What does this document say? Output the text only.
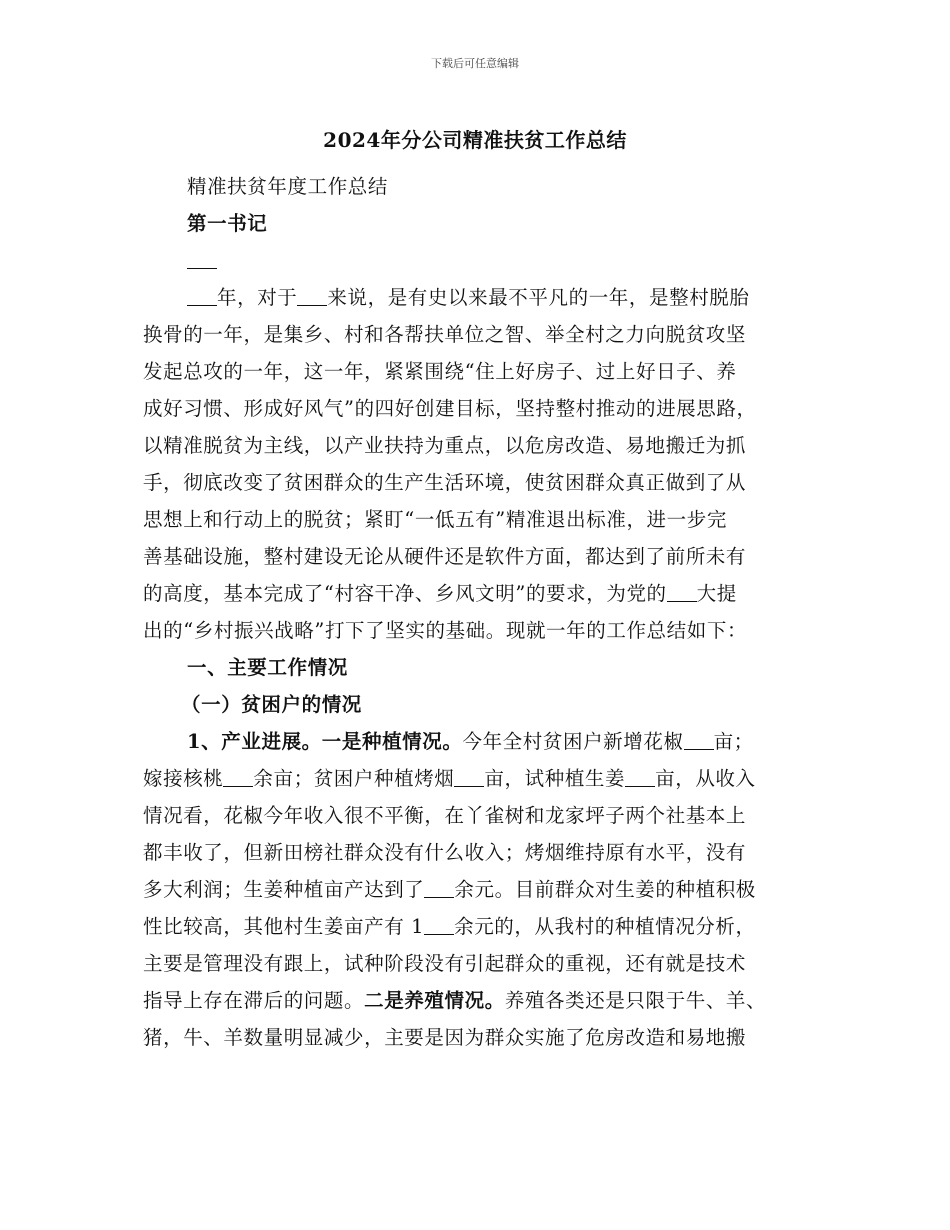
下载后可任意编辑
2024年分公司精准扶贫工作总结
精准扶贫年度工作总结
第一书记
年，对于 来说，是有史以来最不平凡的一年，是整村脱胎
换骨的一年，是集乡、村和各帮扶单位之智、举全村之力向脱贫攻坚
发起总攻的一年，这一年，紧紧围绕“住上好房子、过上好日子、养
成好习惯、形成好风气”的四好创建目标，坚持整村推动的进展思路，
以精准脱贫为主线，以产业扶持为重点，以危房改造、易地搬迁为抓
手，彻底改变了贫困群众的生产生活环境，使贫困群众真正做到了从
思想上和行动上的脱贫；紧盯“一低五有”精准退出标准，进一步完
善基础设施，整村建设无论从硬件还是软件方面，都达到了前所未有
的高度，基本完成了“村容干净、乡风文明”的要求，为党的 大提
出的“乡村振兴战略”打下了坚实的基础。现就一年的工作总结如下：
一、主要工作情况
（一）贫困户的情况
1、产业进展。一是种植情况。今年全村贫困户新增花椒 亩；
嫁接核桃 余亩；贫困户种植烤烟 亩，试种植生姜 亩，从收入
情况看，花椒今年收入很不平衡，在丫雀树和龙家坪子两个社基本上
都丰收了，但新田榜社群众没有什么收入；烤烟维持原有水平，没有
多大利润；生姜种植亩产达到了 余元。目前群众对生姜的种植积极
性比较高，其他村生姜亩产有 1 余元的，从我村的种植情况分析，
主要是管理没有跟上，试种阶段没有引起群众的重视，还有就是技术
指导上存在滞后的问题。二是养殖情况。养殖各类还是只限于牛、羊、
猪，牛、羊数量明显减少，主要是因为群众实施了危房改造和易地搬
